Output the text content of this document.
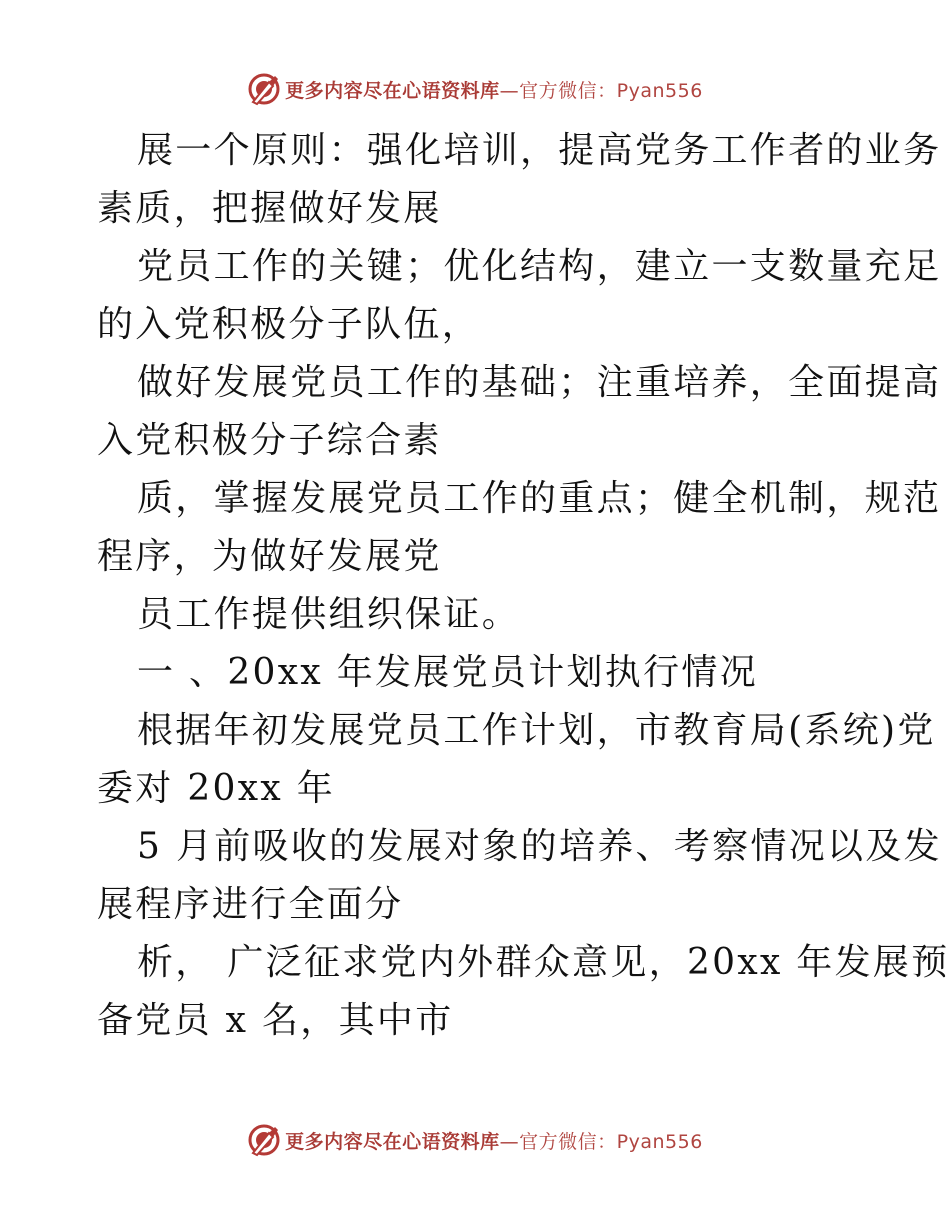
更多内容尽在心语资料库—官方微信：Pyan556
展一个原则：强化培训，提高党务工作者的业务
素质，把握做好发展
党员工作的关键；优化结构，建立一支数量充足
的入党积极分子队伍，
做好发展党员工作的基础；注重培养，全面提高
入党积极分子综合素
质，掌握发展党员工作的重点；健全机制，规范
程序，为做好发展党
员工作提供组织保证。
一 、20xx 年发展党员计划执行情况
根据年初发展党员工作计划，市教育局(系统)党
委对 20xx 年
5 月前吸收的发展对象的培养、考察情况以及发
展程序进行全面分
析， 广泛征求党内外群众意见，20xx 年发展预
备党员 x 名，其中市
更多内容尽在心语资料库—官方微信：Pyan556
